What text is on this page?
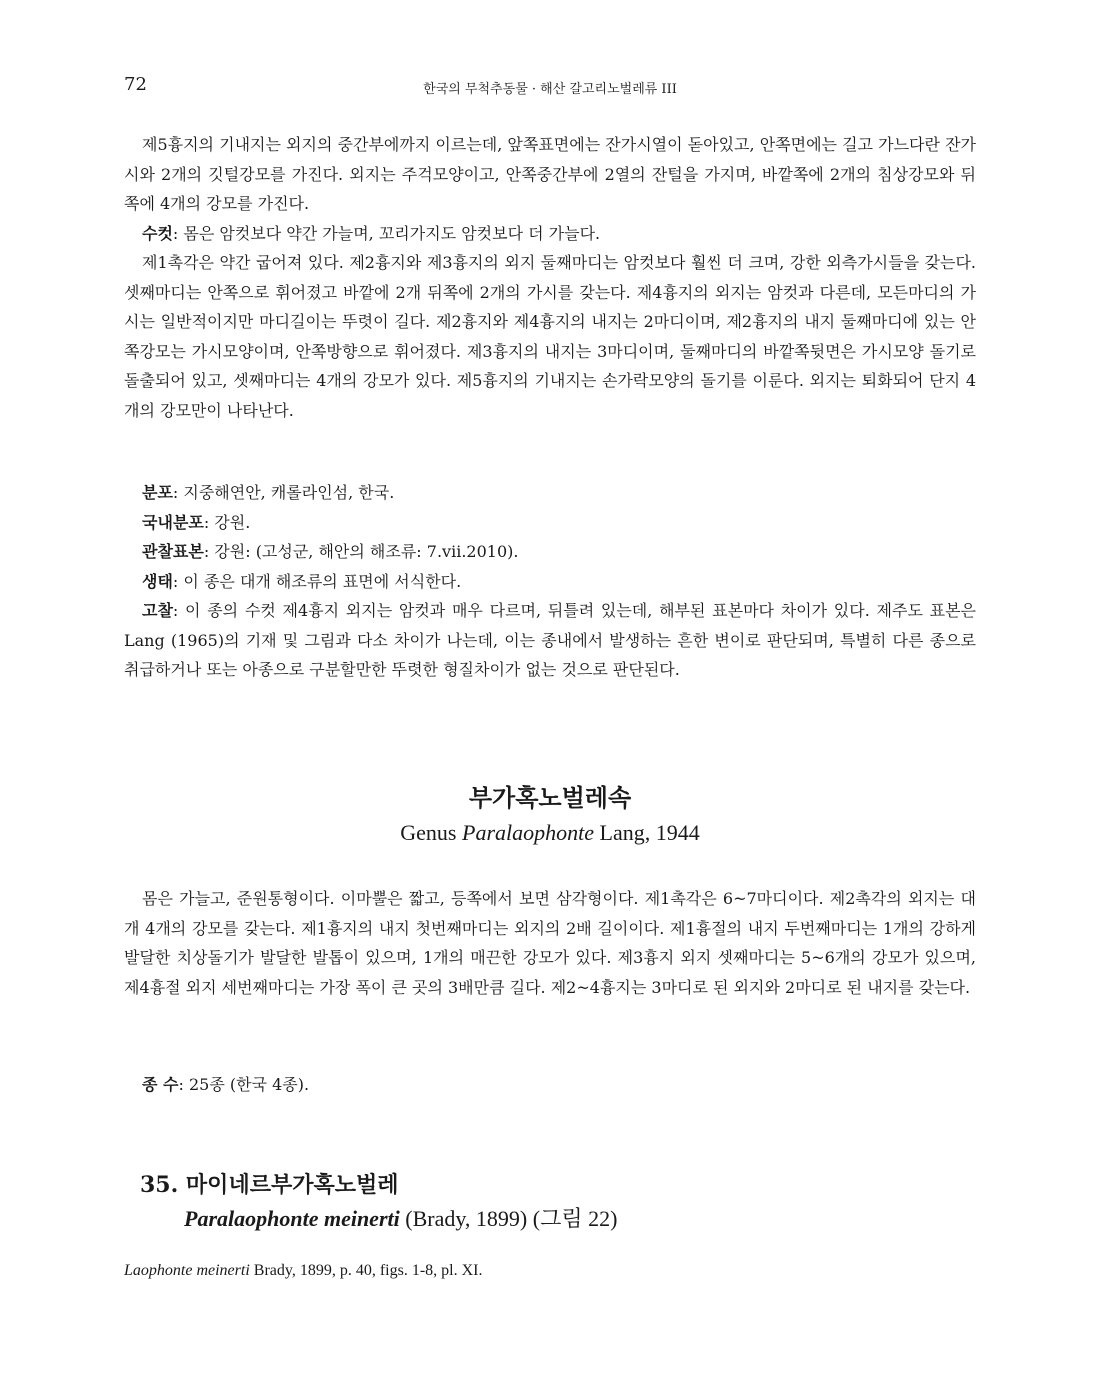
72	한국의 무척추동물 · 해산 갈고리노벌레류 III

제5흉지의 기내지는 외지의 중간부에까지 이르는데, 앞쪽표면에는 잔가시열이 돋아있고, 안쪽면에는 길고 가느다란 잔가시와 2개의 깃털강모를 가진다. 외지는 주걱모양이고, 안쪽중간부에 2열의 잔털을 가지며, 바깥쪽에 2개의 침상강모와 뒤쪽에 4개의 강모를 가진다.

수컷: 몸은 암컷보다 약간 가늘며, 꼬리가지도 암컷보다 더 가늘다.

제1촉각은 약간 굽어져 있다. 제2흉지와 제3흉지의 외지 둘째마디는 암컷보다 훨씬 더 크며, 강한 외측가시들을 갖는다. 셋째마디는 안쪽으로 휘어졌고 바깥에 2개 뒤쪽에 2개의 가시를 갖는다. 제4흉지의 외지는 암컷과 다른데, 모든마디의 가시는 일반적이지만 마디길이는 뚜렷이 길다. 제2흉지와 제4흉지의 내지는 2마디이며, 제2흉지의 내지 둘째마디에 있는 안쪽강모는 가시모양이며, 안쪽방향으로 휘어졌다. 제3흉지의 내지는 3마디이며, 둘째마디의 바깥쪽뒷면은 가시모양 돌기로 돌출되어 있고, 셋째마디는 4개의 강모가 있다. 제5흉지의 기내지는 손가락모양의 돌기를 이룬다. 외지는 퇴화되어 단지 4개의 강모만이 나타난다.

분포: 지중해연안, 캐롤라인섬, 한국.

국내분포: 강원.

관찰표본: 강원: (고성군, 해안의 해조류: 7.vii.2010).

생태: 이 종은 대개 해조류의 표면에 서식한다.

고찰: 이 종의 수컷 제4흉지 외지는 암컷과 매우 다르며, 뒤틀려 있는데, 해부된 표본마다 차이가 있다. 제주도 표본은 Lang (1965)의 기재 및 그림과 다소 차이가 나는데, 이는 종내에서 발생하는 흔한 변이로 판단되며, 특별히 다른 종으로 취급하거나 또는 아종으로 구분할만한 뚜렷한 형질차이가 없는 것으로 판단된다.

부가혹노벌레속
Genus Paralaophonte Lang, 1944

몸은 가늘고, 준원통형이다. 이마뿔은 짧고, 등쪽에서 보면 삼각형이다. 제1촉각은 6~7마디이다. 제2촉각의 외지는 대개 4개의 강모를 갖는다. 제1흉지의 내지 첫번째마디는 외지의 2배 길이이다. 제1흉절의 내지 두번째마디는 1개의 강하게 발달한 치상돌기가 발달한 발톱이 있으며, 1개의 매끈한 강모가 있다. 제3흉지 외지 셋째마디는 5~6개의 강모가 있으며, 제4흉절 외지 세번째마디는 가장 폭이 큰 곳의 3배만큼 길다. 제2~4흉지는 3마디로 된 외지와 2마디로 된 내지를 갖는다.

종 수: 25종 (한국 4종).

35. 마이네르부가혹노벌레
Paralaophonte meinerti (Brady, 1899) (그림 22)
Laophonte meinerti Brady, 1899, p. 40, figs. 1-8, pl. XI.
